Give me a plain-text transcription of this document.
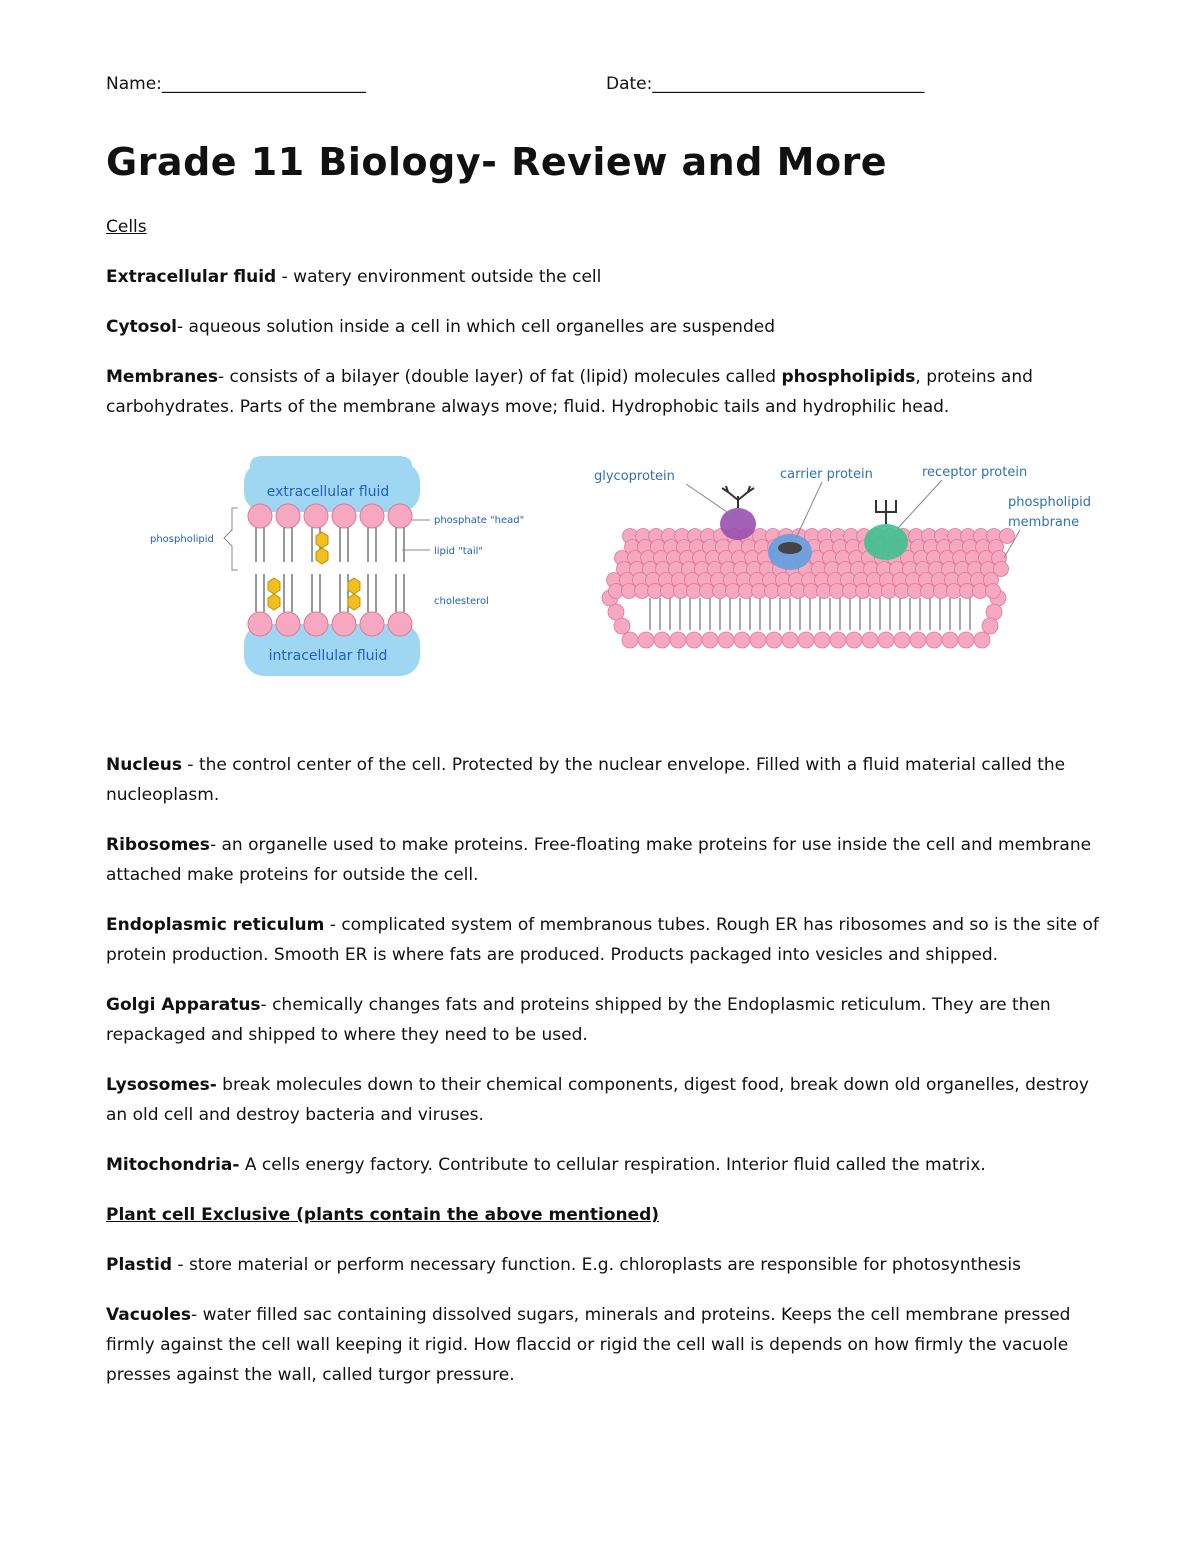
Name:________________________	Date:________________________________
Grade 11 Biology- Review and More
Cells
Extracellular fluid - watery environment outside the cell
Cytosol- aqueous solution inside a cell in which cell organelles are suspended
Membranes- consists of a bilayer (double layer) of fat (lipid) molecules called phospholipids, proteins and carbohydrates. Parts of the membrane always move; fluid. Hydrophobic tails and hydrophilic head.
extracellular fluid
intracellular fluid
phospholipid
phosphate "head"
lipid "tail"
cholesterol
glycoprotein	carrier protein	receptor protein
phospholipid
membrane
Nucleus - the control center of the cell. Protected by the nuclear envelope. Filled with a fluid material called the nucleoplasm.
Ribosomes- an organelle used to make proteins. Free-floating make proteins for use inside the cell and membrane attached make proteins for outside the cell.
Endoplasmic reticulum - complicated system of membranous tubes. Rough ER has ribosomes and so is the site of protein production. Smooth ER is where fats are produced. Products packaged into vesicles and shipped.
Golgi Apparatus- chemically changes fats and proteins shipped by the Endoplasmic reticulum. They are then repackaged and shipped to where they need to be used.
Lysosomes- break molecules down to their chemical components, digest food, break down old organelles, destroy an old cell and destroy bacteria and viruses.
Mitochondria- A cells energy factory. Contribute to cellular respiration. Interior fluid called the matrix.
Plant cell Exclusive (plants contain the above mentioned)
Plastid - store material or perform necessary function. E.g. chloroplasts are responsible for photosynthesis
Vacuoles- water filled sac containing dissolved sugars, minerals and proteins. Keeps the cell membrane pressed firmly against the cell wall keeping it rigid. How flaccid or rigid the cell wall is depends on how firmly the vacuole presses against the wall, called turgor pressure.
